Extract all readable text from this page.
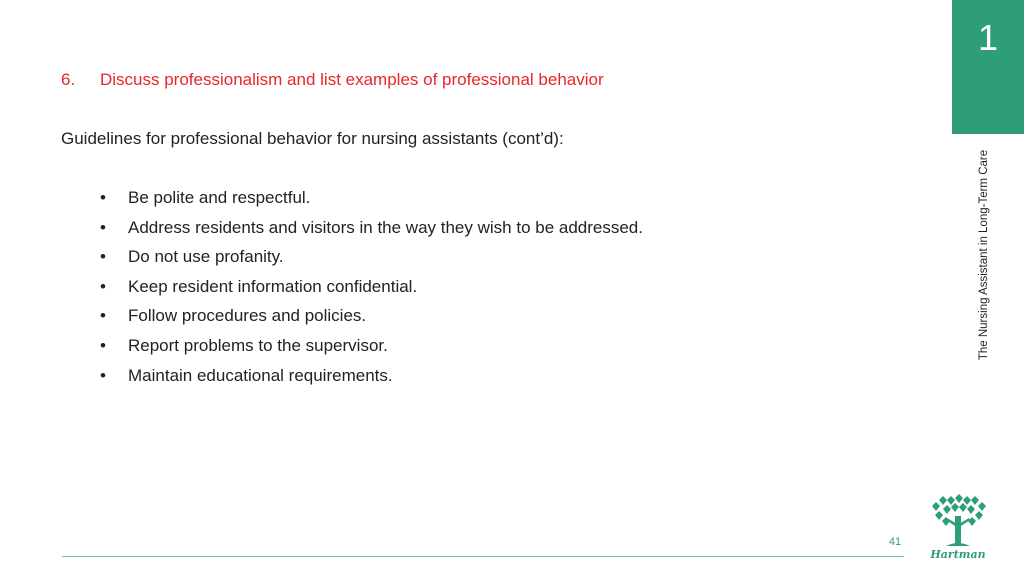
1
The Nursing Assistant in Long-Term Care
6. Discuss professionalism and list examples of professional behavior
Guidelines for professional behavior for nursing assistants (cont’d):
•	Be polite and respectful.
•	Address residents and visitors in the way they wish to be addressed.
•	Do not use profanity.
•	Keep resident information confidential.
•	Follow procedures and policies.
•	Report problems to the supervisor.
•	Maintain educational requirements.
41
Hartman
